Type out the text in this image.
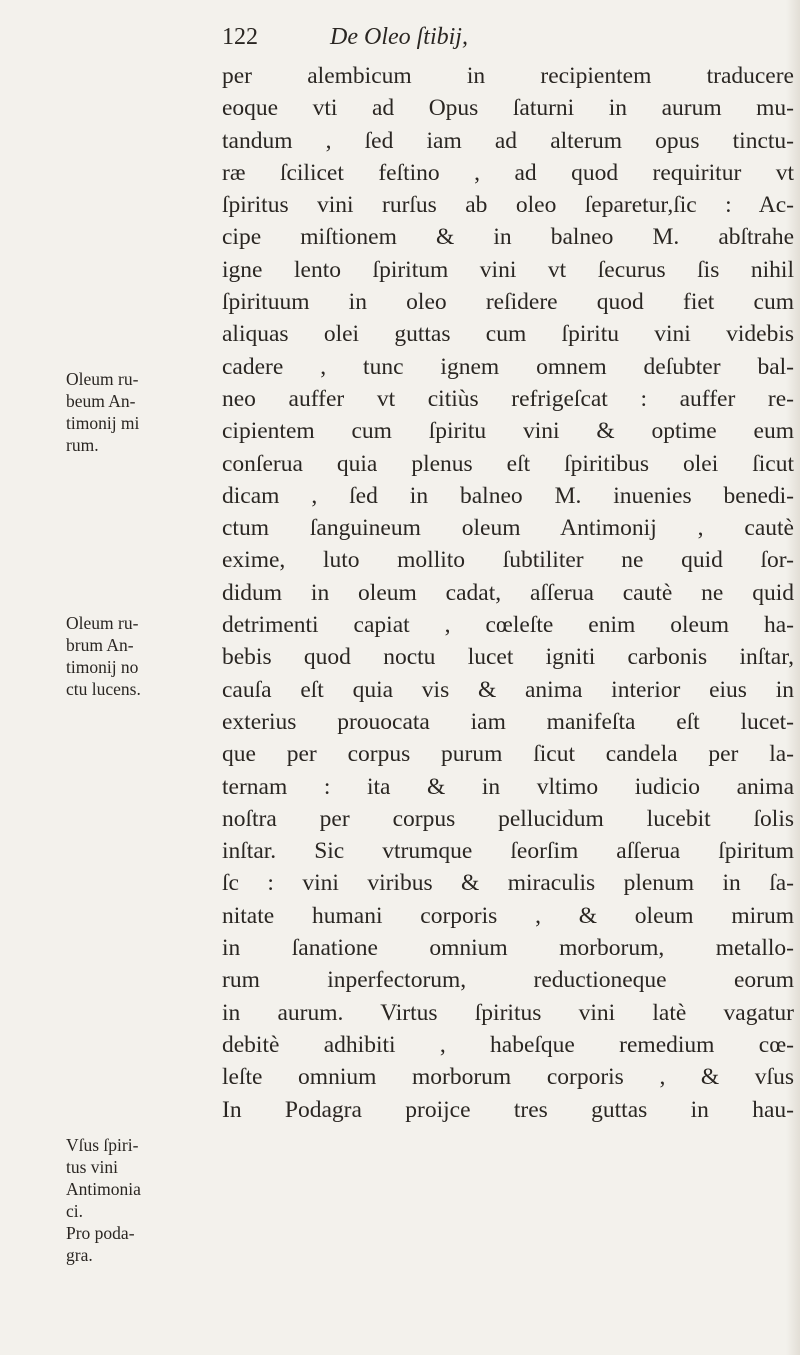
122	De Oleo ſtibij,
per alembicum in recipientem traducere
eoque vti ad Opus ſaturni in aurum mu-
tandum , ſed iam ad alterum opus tinctu-
ræ ſcilicet feſtino , ad quod requiritur vt
ſpiritus vini rurſus ab oleo ſeparetur,ſic : Ac-
cipe miſtionem & in balneo M. abſtrahe
igne lento ſpiritum vini vt ſecurus ſis nihil
ſpirituum in oleo reſidere quod fiet cum
aliquas olei guttas cum ſpiritu vini videbis
cadere , tunc ignem omnem deſubter bal-
neo auffer vt citiùs refrigeſcat : auffer re-
cipientem cum ſpiritu vini & optime eum
conſerua quia plenus eſt ſpiritibus olei ſicut
dicam , ſed in balneo M. inuenies benedi-
ctum ſanguineum oleum Antimonij , cautè
exime, luto mollito ſubtiliter ne quid ſor-
didum in oleum cadat, aſſerua cautè ne quid
detrimenti capiat , cœleſte enim oleum ha-
bebis quod noctu lucet igniti carbonis inſtar,
cauſa eſt quia vis & anima interior eius in
exterius prouocata iam manifeſta eſt lucet-
que per corpus purum ſicut candela per la-
ternam : ita & in vltimo iudicio anima
noſtra per corpus pellucidum lucebit ſolis
inſtar. Sic vtrumque ſeorſim aſſerua ſpiritum
ſc : vini viribus & miraculis plenum in ſa-
nitate humani corporis , & oleum mirum
in ſanatione omnium morborum, metallo-
rum inperfectorum, reductioneque eorum
in aurum. Virtus ſpiritus vini latè vagatur
debitè adhibiti , habeſque remedium cœ-
leſte omnium morborum corporis , & vſus
In Podagra proijce tres guttas in hau-
Oleum ru-
beum An-
timonij mi
rum.
Oleum ru-
brum An-
timonij no
ctu lucens.
Vſus ſpiri-
tus vini
Antimonia
ci.
Pro poda-
gra.
